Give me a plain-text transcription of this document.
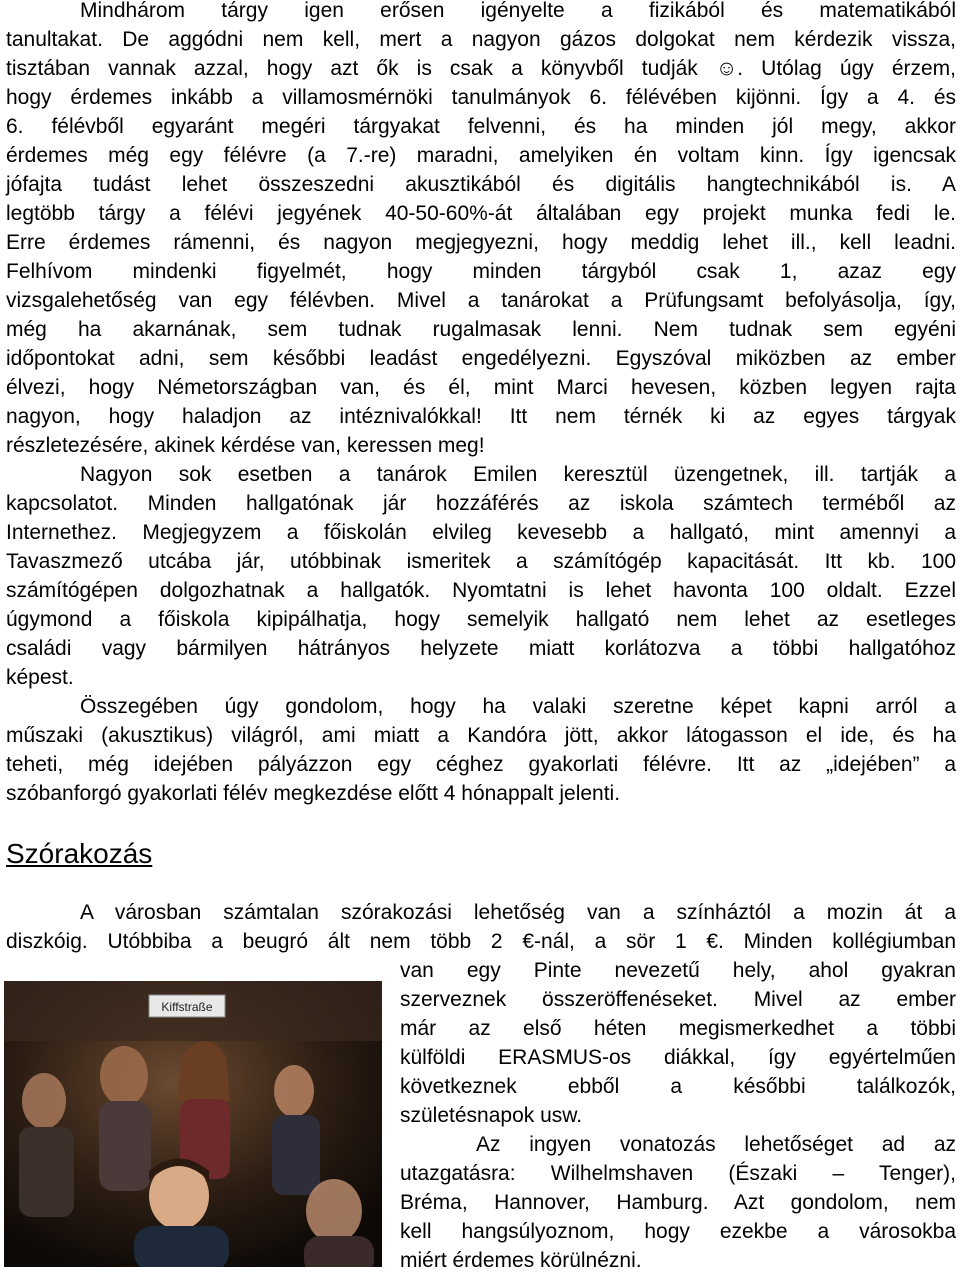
Mindhárom tárgy igen erősen igényelte a fizikából és matematikából
tanultakat. De aggódni nem kell, mert a nagyon gázos dolgokat nem kérdezik vissza,
tisztában vannak azzal, hogy azt ők is csak a könyvből tudják ☺. Utólag úgy érzem,
hogy érdemes inkább a villamosmérnöki tanulmányok 6. félévében kijönni. Így a 4. és
6. félévből egyaránt megéri tárgyakat felvenni, és ha minden jól megy, akkor
érdemes még egy félévre (a 7.-re) maradni, amelyiken én voltam kinn. Így igencsak
jófajta tudást lehet összeszedni akusztikából és digitális hangtechnikából is. A
legtöbb tárgy a félévi jegyének 40-50-60%-át általában egy projekt munka fedi le.
Erre érdemes rámenni, és nagyon megjegyezni, hogy meddig lehet ill., kell leadni.
Felhívom mindenki figyelmét, hogy minden tárgyból csak 1, azaz egy
vizsgalehetőség van egy félévben. Mivel a tanárokat a Prüfungsamt befolyásolja, így,
még ha akarnának, sem tudnak rugalmasak lenni. Nem tudnak sem egyéni
időpontokat adni, sem későbbi leadást engedélyezni. Egyszóval miközben az ember
élvezi, hogy Németországban van, és él, mint Marci hevesen, közben legyen rajta
nagyon, hogy haladjon az intéznivalókkal! Itt nem térnék ki az egyes tárgyak
részletezésére, akinek kérdése van, keressen meg!
Nagyon sok esetben a tanárok Emilen keresztül üzengetnek, ill. tartják a
kapcsolatot. Minden hallgatónak jár hozzáférés az iskola számtech terméből az
Internethez. Megjegyzem a főiskolán elvileg kevesebb a hallgató, mint amennyi a
Tavaszmező utcába jár, utóbbinak ismeritek a számítógép kapacitását. Itt kb. 100
számítógépen dolgozhatnak a hallgatók. Nyomtatni is lehet havonta 100 oldalt. Ezzel
úgymond a főiskola kipipálhatja, hogy semelyik hallgató nem lehet az esetleges
családi vagy bármilyen hátrányos helyzete miatt korlátozva a többi hallgatóhoz
képest.
Összegében úgy gondolom, hogy ha valaki szeretne képet kapni arról a
műszaki (akusztikus) világról, ami miatt a Kandóra jött, akkor látogasson el ide, és ha
teheti, még idejében pályázzon egy céghez gyakorlati félévre. Itt az „idejében” a
szóbanforgó gyakorlati félév megkezdése előtt 4 hónappalt jelenti.
Szórakozás
A városban számtalan szórakozási lehetőség van a színháztól a mozin át a
diszkóig. Utóbbiba a beugró ált nem több 2 €-nál, a sör 1 €. Minden kollégiumban
van egy Pinte nevezetű hely, ahol gyakran
szerveznek összeröffenéseket. Mivel az ember
már az első héten megismerkedhet a többi
külföldi ERASMUS-os diákkal, így egyértelműen
következnek ebből a későbbi találkozók,
születésnapok usw.
Az ingyen vonatozás lehetőséget ad az
utazgatásra: Wilhelmshaven (Északi – Tenger),
Bréma, Hannover, Hamburg. Azt gondolom, nem
kell hangsúlyoznom, hogy ezekbe a városokba
miért érdemes körülnézni.
Kiffstraße
